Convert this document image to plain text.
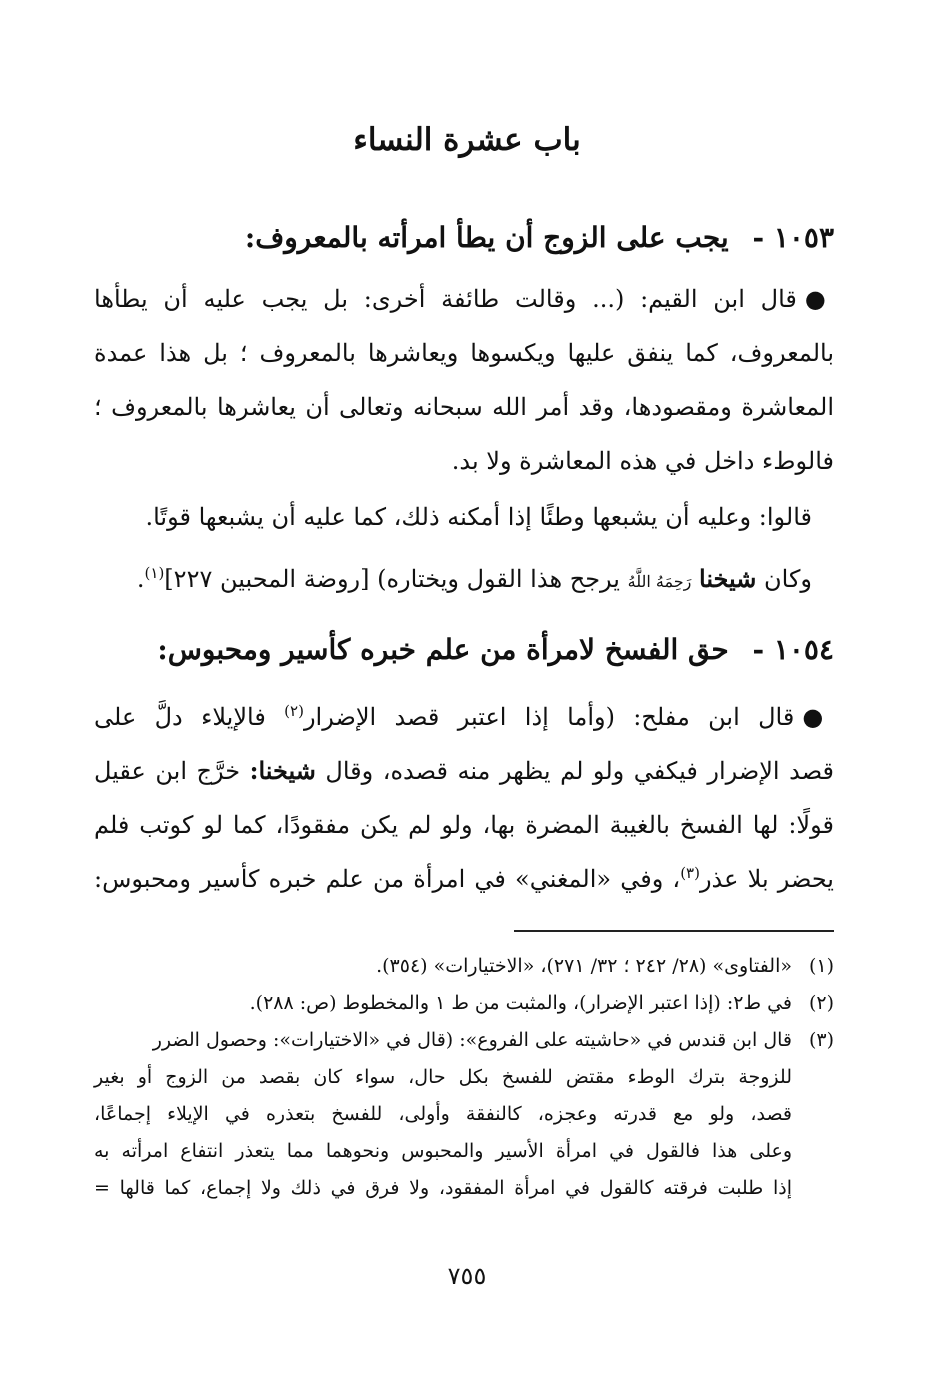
باب عشرة النساء
١٠٥٣ - يجب على الزوج أن يطأ امرأته بالمعروف:
●قال ابن القيم: (... وقالت طائفة أخرى: بل يجب عليه أن يطأها
بالمعروف، كما ينفق عليها ويكسوها ويعاشرها بالمعروف ؛ بل هذا عمدة
المعاشرة ومقصودها، وقد أمر الله سبحانه وتعالى أن يعاشرها بالمعروف ؛
فالوطء داخل في هذه المعاشرة ولا بد.
قالوا: وعليه أن يشبعها وطئًا إذا أمكنه ذلك، كما عليه أن يشبعها قوتًا.
وكان شيخنا رَحِمَهُ اللَّهُ يرجح هذا القول ويختاره) [روضة المحبين ٢٢٧]$^{(١)}$.
١٠٥٤ - حق الفسخ لامرأة من علم خبره كأسير ومحبوس:
●قال ابن مفلح: (وأما إذا اعتبر قصد الإضرار$^{(٢)}$ فالإيلاء دلَّ على
قصد الإضرار فيكفي ولو لم يظهر منه قصده، وقال شيخنا: خرَّج ابن عقيل
قولًا: لها الفسخ بالغيبة المضرة بها، ولو لم يكن مفقودًا، كما لو كوتب فلم
يحضر بلا عذر$^{(٣)}$، وفي «المغني» في امرأة من علم خبره كأسير ومحبوس:
(١)«الفتاوى» (٢٨/ ٢٤٢ ؛ ٣٢/ ٢٧١)، «الاختيارات» (٣٥٤).
(٢)في ط٢: (إذا اعتبر الإضرار)، والمثبت من ط ١ والمخطوط (ص: ٢٨٨).
(٣)قال ابن قندس في «حاشيته على الفروع»: (قال في «الاختيارات»: وحصول الضرر
للزوجة بترك الوطء مقتض للفسخ بكل حال، سواء كان بقصد من الزوج أو بغير
قصد، ولو مع قدرته وعجزه، كالنفقة وأولى، للفسخ بتعذره في الإيلاء إجماعًا،
وعلى هذا فالقول في امرأة الأسير والمحبوس ونحوهما مما يتعذر انتفاع امرأته به
إذا طلبت فرقته كالقول في امرأة المفقود، ولا فرق في ذلك ولا إجماع، كما قالها =
٧٥٥
